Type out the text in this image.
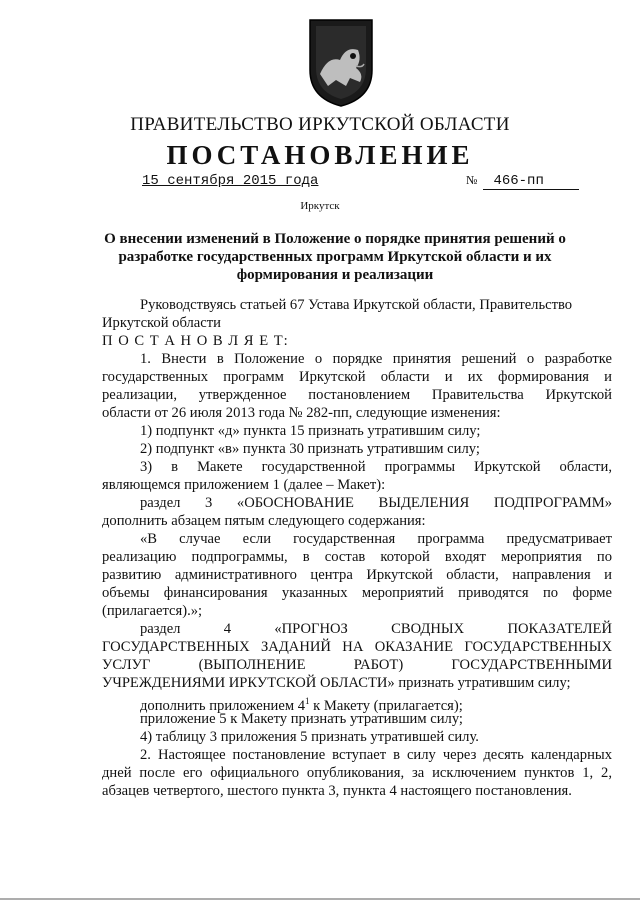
ПРАВИТЕЛЬСТВО ИРКУТСКОЙ ОБЛАСТИ
ПОСТАНОВЛЕНИЕ
15 сентября 2015 года	№ 466-пп
Иркутск
О внесении изменений в Положение о порядке принятия решений о разработке государственных программ Иркутской области и их формирования и реализации
Руководствуясь статьей 67 Устава Иркутской области, Правительство
Иркутской области
П О С Т А Н О В Л Я Е Т:
1. Внести в Положение о порядке принятия решений о разработке
государственных программ Иркутской области и их формирования и
реализации, утвержденное постановлением Правительства Иркутской
области от 26 июля 2013 года № 282-пп, следующие изменения:
1) подпункт «д» пункта 15 признать утратившим силу;
2) подпункт «в» пункта 30 признать утратившим силу;
3) в Макете государственной программы Иркутской области,
являющемся приложением 1 (далее – Макет):
раздел 3 «ОБОСНОВАНИЕ ВЫДЕЛЕНИЯ ПОДПРОГРАММ»
дополнить абзацем пятым следующего содержания:
«В случае если государственная программа предусматривает
реализацию подпрограммы, в состав которой входят мероприятия по
развитию административного центра Иркутской области, направления и
объемы финансирования указанных мероприятий приводятся по форме
(прилагается).»;
раздел 4 «ПРОГНОЗ СВОДНЫХ ПОКАЗАТЕЛЕЙ
ГОСУДАРСТВЕННЫХ ЗАДАНИЙ НА ОКАЗАНИЕ ГОСУДАРСТВЕННЫХ
УСЛУГ (ВЫПОЛНЕНИЕ РАБОТ) ГОСУДАРСТВЕННЫМИ
УЧРЕЖДЕНИЯМИ ИРКУТСКОЙ ОБЛАСТИ» признать утратившим силу;
дополнить приложением $4^1$ к Макету (прилагается);
приложение 5 к Макету признать утратившим силу;
4) таблицу 3 приложения 5 признать утратившей силу.
2. Настоящее постановление вступает в силу через десять календарных
дней после его официального опубликования, за исключением пунктов 1, 2,
абзацев четвертого, шестого пункта 3, пункта 4 настоящего постановления.
